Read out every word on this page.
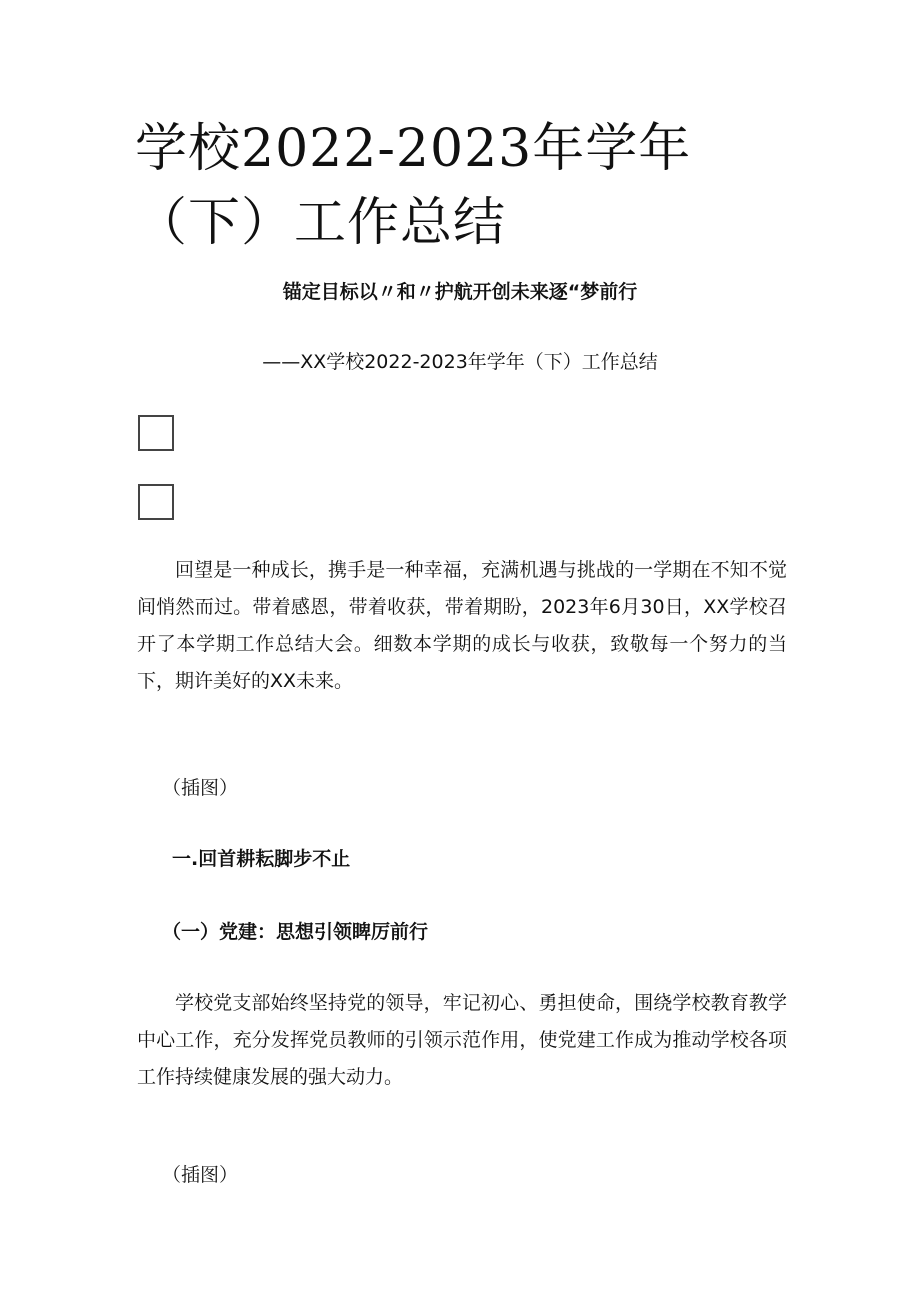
学校2022-2023年学年（下）工作总结

锚定目标以〃和〃护航开创未来逐“梦前行

——XX学校2022-2023年学年（下）工作总结

回望是一种成长，携手是一种幸福，充满机遇与挑战的一学期在不知不觉间悄然而过。带着感恩，带着收获，带着期盼，2023年6月30日，XX学校召开了本学期工作总结大会。细数本学期的成长与收获，致敬每一个努力的当下，期许美好的XX未来。

（插图）

一.回首耕耘脚步不止

（一）党建：思想引领睥厉前行

学校党支部始终坚持党的领导，牢记初心、勇担使命，围绕学校教育教学中心工作，充分发挥党员教师的引领示范作用，使党建工作成为推动学校各项工作持续健康发展的强大动力。

（插图）
